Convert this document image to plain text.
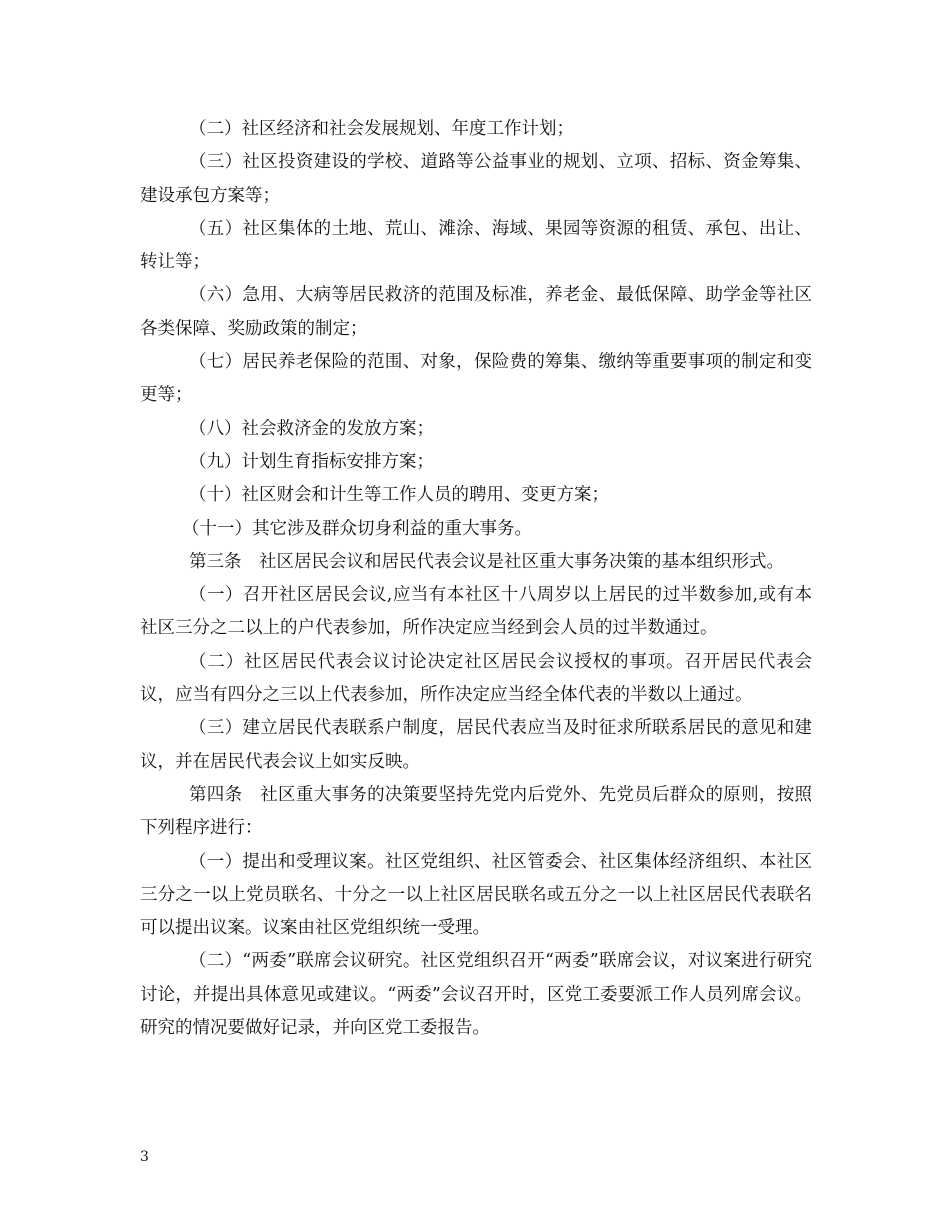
（二）社区经济和社会发展规划、年度工作计划；

（三）社区投资建设的学校、道路等公益事业的规划、立项、招标、资金筹集、建设承包方案等；

（五）社区集体的土地、荒山、滩涂、海域、果园等资源的租赁、承包、出让、转让等；

（六）急用、大病等居民救济的范围及标准，养老金、最低保障、助学金等社区各类保障、奖励政策的制定；

（七）居民养老保险的范围、对象，保险费的筹集、缴纳等重要事项的制定和变更等；

（八）社会救济金的发放方案；

（九）计划生育指标安排方案；

（十）社区财会和计生等工作人员的聘用、变更方案；

（十一）其它涉及群众切身利益的重大事务。

第三条　社区居民会议和居民代表会议是社区重大事务决策的基本组织形式。

（一）召开社区居民会议,应当有本社区十八周岁以上居民的过半数参加,或有本社区三分之二以上的户代表参加，所作决定应当经到会人员的过半数通过。

（二）社区居民代表会议讨论决定社区居民会议授权的事项。召开居民代表会议，应当有四分之三以上代表参加，所作决定应当经全体代表的半数以上通过。

（三）建立居民代表联系户制度，居民代表应当及时征求所联系居民的意见和建议，并在居民代表会议上如实反映。

第四条　社区重大事务的决策要坚持先党内后党外、先党员后群众的原则，按照下列程序进行：

（一）提出和受理议案。社区党组织、社区管委会、社区集体经济组织、本社区三分之一以上党员联名、十分之一以上社区居民联名或五分之一以上社区居民代表联名可以提出议案。议案由社区党组织统一受理。

（二）“两委”联席会议研究。社区党组织召开“两委”联席会议，对议案进行研究讨论，并提出具体意见或建议。“两委”会议召开时，区党工委要派工作人员列席会议。研究的情况要做好记录，并向区党工委报告。

3
